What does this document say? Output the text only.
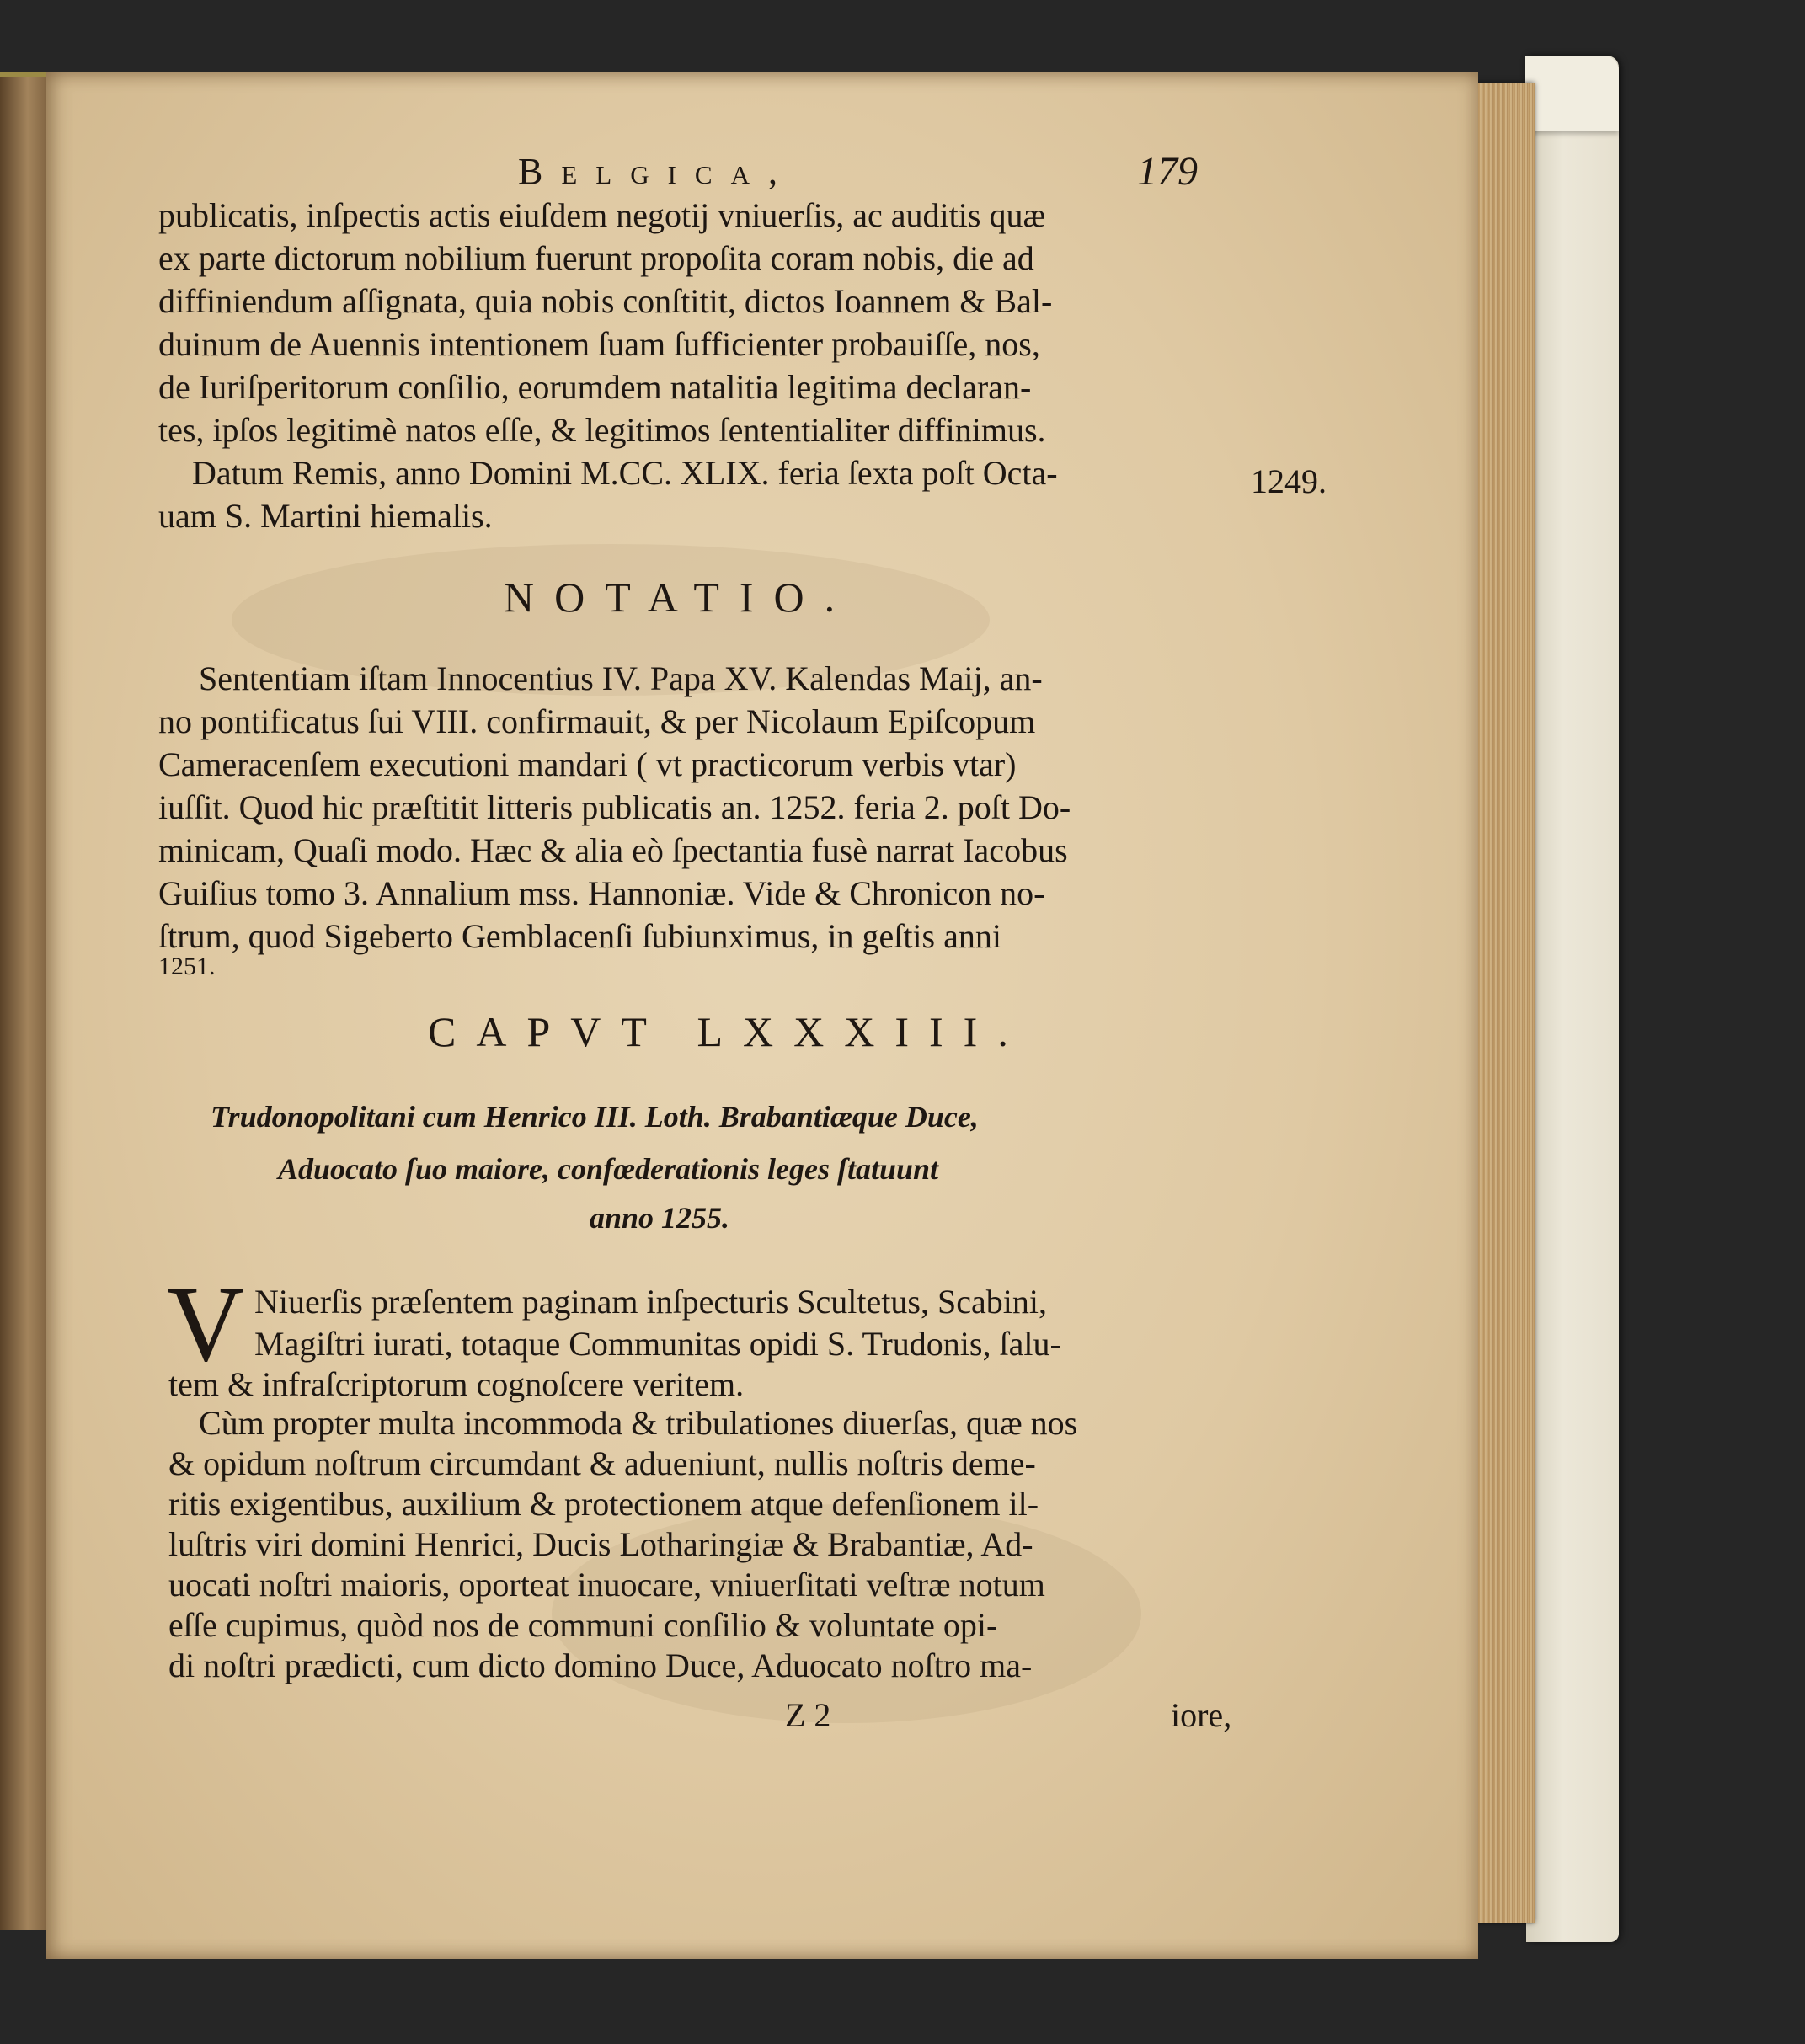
Belgica,	179
publicatis, inſpectis actis eiuſdem negotij vniuerſis, ac auditis quæ
ex parte dictorum nobilium fuerunt propoſita coram nobis, die ad
diffiniendum aſſignata, quia nobis conſtitit, dictos Ioannem & Bal-
duinum de Auennis intentionem ſuam ſufficienter probauiſſe, nos,
de Iuriſperitorum conſilio, eorumdem natalitia legitima declaran-
tes, ipſos legitimè natos eſſe, & legitimos ſententialiter diffinimus.
Datum Remis, anno Domini M.CC. XLIX. feria ſexta poſt Octa-
uam S. Martini hiemalis.
1249.
NOTATIO.
Sententiam iſtam Innocentius IV. Papa XV. Kalendas Maij, an-
no pontificatus ſui VIII. confirmauit, & per Nicolaum Epiſcopum
Cameracenſem executioni mandari ( vt practicorum verbis vtar)
iuſſit. Quod hic præſtitit litteris publicatis an. 1252. feria 2. poſt Do-
minicam, Quaſi modo. Hæc & alia eò ſpectantia fusè narrat Iacobus
Guiſius tomo 3. Annalium mss. Hannoniæ. Vide & Chronicon no-
ſtrum, quod Sigeberto Gemblacenſi ſubiunximus, in geſtis anni
1251.
CAPVT LXXXIII.
Trudonopolitani cum Henrico III. Loth. Brabantiæque Duce,
Aduocato ſuo maiore, confœderationis leges ſtatuunt
anno 1255.
V Niuerſis præſentem paginam inſpecturis Scultetus, Scabini,
Magiſtri iurati, totaque Communitas opidi S. Trudonis, ſalu-
tem & infraſcriptorum cognoſcere veritem.
Cùm propter multa incommoda & tribulationes diuerſas, quæ nos
& opidum noſtrum circumdant & adueniunt, nullis noſtris deme-
ritis exigentibus, auxilium & protectionem atque defenſionem il-
luſtris viri domini Henrici, Ducis Lotharingiæ & Brabantiæ, Ad-
uocati noſtri maioris, oporteat inuocare, vniuerſitati veſtræ notum
eſſe cupimus, quòd nos de communi conſilio & voluntate opi-
di noſtri prædicti, cum dicto domino Duce, Aduocato noſtro ma-
Z 2	iore,
